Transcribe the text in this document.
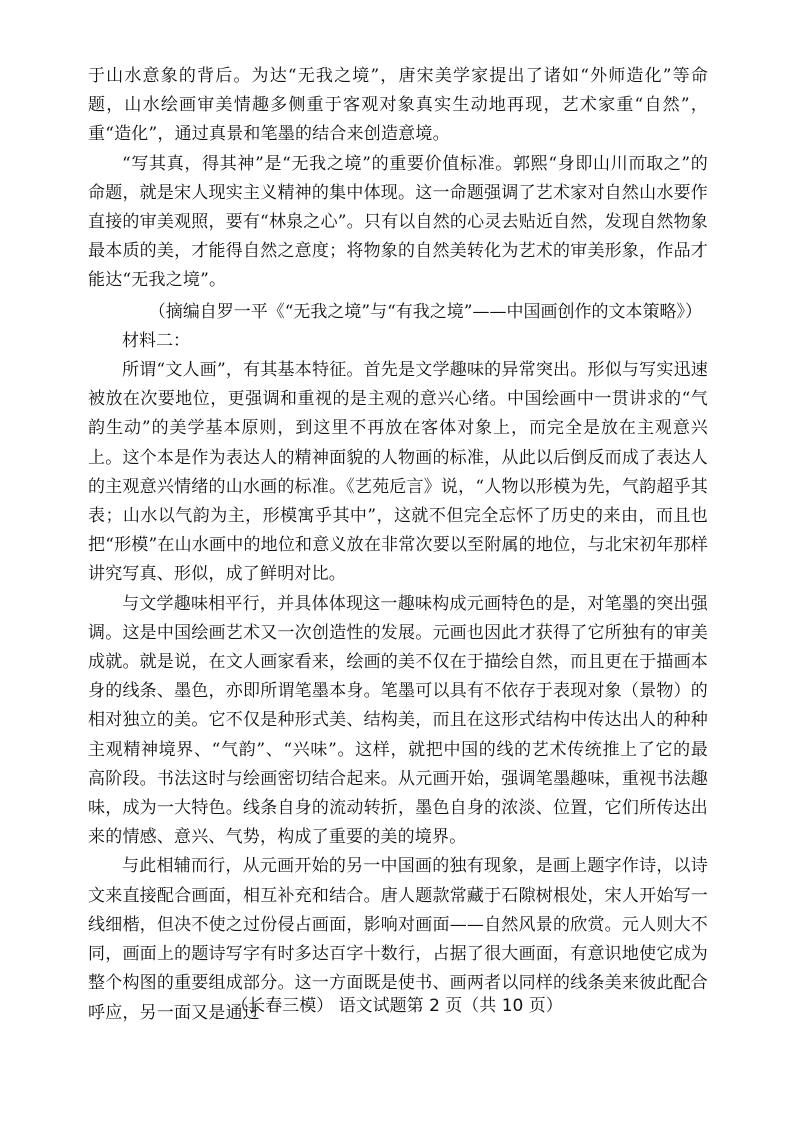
于山水意象的背后。为达“无我之境”，唐宋美学家提出了诸如“外师造化”等命题，山水绘画审美情趣多侧重于客观对象真实生动地再现，艺术家重“自然”，重“造化”，通过真景和笔墨的结合来创造意境。

“写其真，得其神”是“无我之境”的重要价值标准。郭熙“身即山川而取之”的命题，就是宋人现实主义精神的集中体现。这一命题强调了艺术家对自然山水要作直接的审美观照，要有“林泉之心”。只有以自然的心灵去贴近自然，发现自然物象最本质的美，才能得自然之意度；将物象的自然美转化为艺术的审美形象，作品才能达“无我之境”。

（摘编自罗一平《“无我之境”与“有我之境”——中国画创作的文本策略》）

材料二：

所谓“文人画”，有其基本特征。首先是文学趣味的异常突出。形似与写实迅速被放在次要地位，更强调和重视的是主观的意兴心绪。中国绘画中一贯讲求的“气韵生动”的美学基本原则，到这里不再放在客体对象上，而完全是放在主观意兴上。这个本是作为表达人的精神面貌的人物画的标准，从此以后倒反而成了表达人的主观意兴情绪的山水画的标准。《艺苑卮言》说，“人物以形模为先，气韵超乎其表；山水以气韵为主，形模寓乎其中”，这就不但完全忘怀了历史的来由，而且也把“形模”在山水画中的地位和意义放在非常次要以至附属的地位，与北宋初年那样讲究写真、形似，成了鲜明对比。

与文学趣味相平行，并具体体现这一趣味构成元画特色的是，对笔墨的突出强调。这是中国绘画艺术又一次创造性的发展。元画也因此才获得了它所独有的审美成就。就是说，在文人画家看来，绘画的美不仅在于描绘自然，而且更在于描画本身的线条、墨色，亦即所谓笔墨本身。笔墨可以具有不依存于表现对象（景物）的相对独立的美。它不仅是种形式美、结构美，而且在这形式结构中传达出人的种种主观精神境界、“气韵”、“兴味”。这样，就把中国的线的艺术传统推上了它的最高阶段。书法这时与绘画密切结合起来。从元画开始，强调笔墨趣味，重视书法趣味，成为一大特色。线条自身的流动转折，墨色自身的浓淡、位置，它们所传达出来的情感、意兴、气势，构成了重要的美的境界。

与此相辅而行，从元画开始的另一中国画的独有现象，是画上题字作诗，以诗文来直接配合画面，相互补充和结合。唐人题款常藏于石隙树根处，宋人开始写一线细楷，但决不使之过份侵占画面，影响对画面——自然风景的欣赏。元人则大不同，画面上的题诗写字有时多达百字十数行，占据了很大画面，有意识地使它成为整个构图的重要组成部分。这一方面既是使书、画两者以同样的线条美来彼此配合呼应，另一面又是通过

（长春三模） 语文试题第 2 页（共 10 页）
